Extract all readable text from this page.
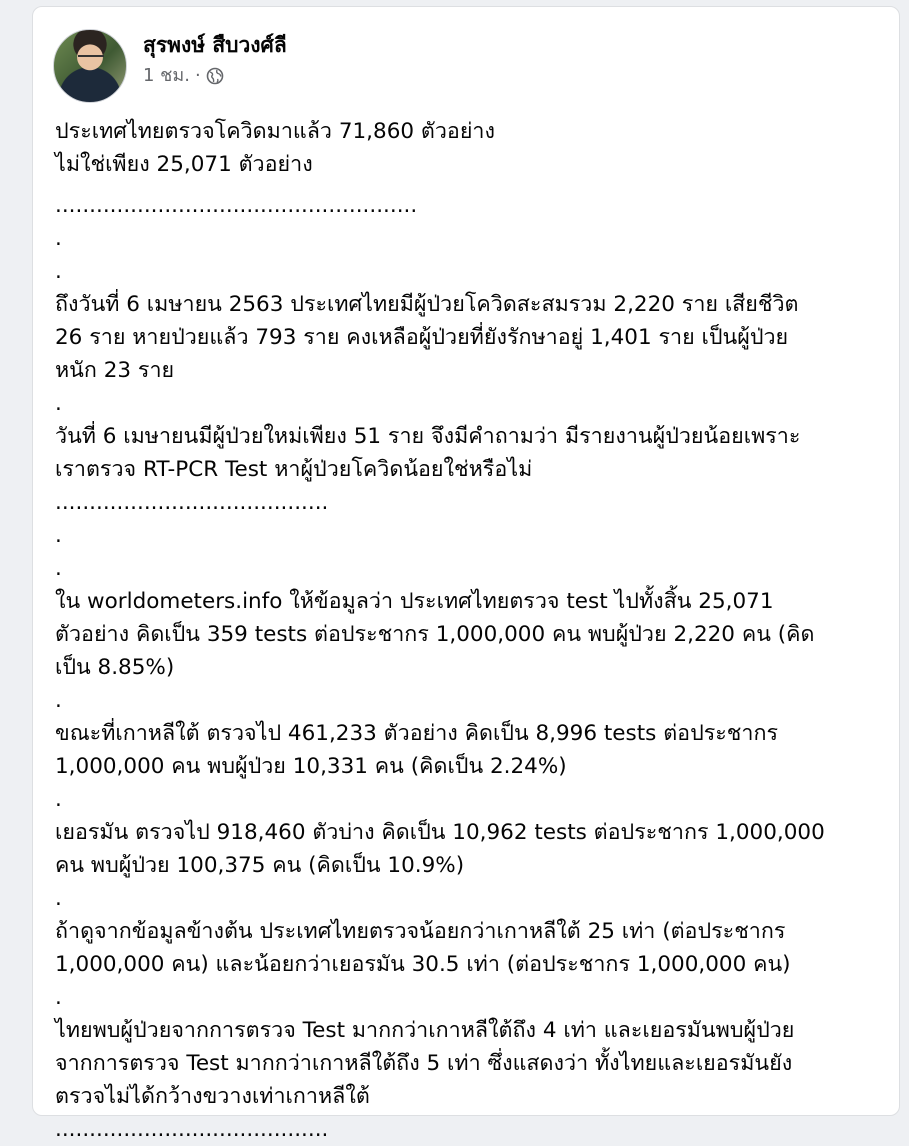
สุรพงษ์ สืบวงศ์ลี
1 ชม. ·
ประเทศไทยตรวจโควิดมาแล้ว 71,860 ตัวอย่าง
ไม่ใช่เพียง 25,071 ตัวอย่าง
.....................................................
.
.
ถึงวันที่ 6 เมษายน 2563 ประเทศไทยมีผู้ป่วยโควิดสะสมรวม 2,220 ราย เสียชีวิต
26 ราย หายป่วยแล้ว 793 ราย คงเหลือผู้ป่วยที่ยังรักษาอยู่ 1,401 ราย เป็นผู้ป่วย
หนัก 23 ราย
.
วันที่ 6 เมษายนมีผู้ป่วยใหม่เพียง 51 ราย จึงมีคำถามว่า มีรายงานผู้ป่วยน้อยเพราะ
เราตรวจ RT-PCR Test หาผู้ป่วยโควิดน้อยใช่หรือไม่
........................................
.
.
ใน worldometers.info ให้ข้อมูลว่า ประเทศไทยตรวจ test ไปทั้งสิ้น 25,071
ตัวอย่าง คิดเป็น 359 tests ต่อประชากร 1,000,000 คน พบผู้ป่วย 2,220 คน (คิด
เป็น 8.85%)
.
ขณะที่เกาหลีใต้ ตรวจไป 461,233 ตัวอย่าง คิดเป็น 8,996 tests ต่อประชากร
1,000,000 คน พบผู้ป่วย 10,331 คน (คิดเป็น 2.24%)
.
เยอรมัน ตรวจไป 918,460 ตัวบ่าง คิดเป็น 10,962 tests ต่อประชากร 1,000,000
คน พบผู้ป่วย 100,375 คน (คิดเป็น 10.9%)
.
ถ้าดูจากข้อมูลข้างต้น ประเทศไทยตรวจน้อยกว่าเกาหลีใต้ 25 เท่า (ต่อประชากร
1,000,000 คน) และน้อยกว่าเยอรมัน 30.5 เท่า (ต่อประชากร 1,000,000 คน)
.
ไทยพบผู้ป่วยจากการตรวจ Test มากกว่าเกาหลีใต้ถึง 4 เท่า และเยอรมันพบผู้ป่วย
จากการตรวจ Test มากกว่าเกาหลีใต้ถึง 5 เท่า ซึ่งแสดงว่า ทั้งไทยและเยอรมันยัง
ตรวจไม่ได้กว้างขวางเท่าเกาหลีใต้
........................................
